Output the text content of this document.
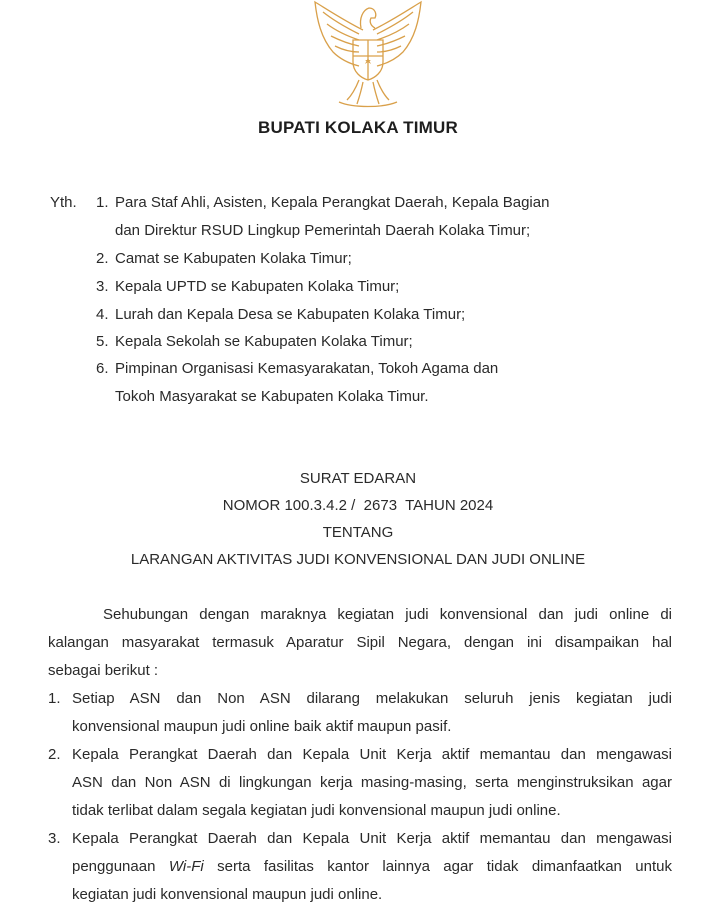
BUPATI KOLAKA TIMUR
Yth. 1. Para Staf Ahli, Asisten, Kepala Perangkat Daerah, Kepala Bagian
dan Direktur RSUD Lingkup Pemerintah Daerah Kolaka Timur;
2. Camat se Kabupaten Kolaka Timur;
3. Kepala UPTD se Kabupaten Kolaka Timur;
4. Lurah dan Kepala Desa se Kabupaten Kolaka Timur;
5. Kepala Sekolah se Kabupaten Kolaka Timur;
6. Pimpinan Organisasi Kemasyarakatan, Tokoh Agama dan
Tokoh Masyarakat se Kabupaten Kolaka Timur.
SURAT EDARAN
NOMOR 100.3.4.2 /  2673  TAHUN 2024
TENTANG
LARANGAN AKTIVITAS JUDI KONVENSIONAL DAN JUDI ONLINE
Sehubungan dengan maraknya kegiatan judi konvensional dan judi online di
kalangan masyarakat termasuk Aparatur Sipil Negara, dengan ini disampaikan hal
sebagai berikut :
1. Setiap ASN dan Non ASN dilarang melakukan seluruh jenis kegiatan judi
konvensional maupun judi online baik aktif maupun pasif.
2. Kepala Perangkat Daerah dan Kepala Unit Kerja aktif memantau dan mengawasi
ASN dan Non ASN di lingkungan kerja masing-masing, serta menginstruksikan agar
tidak terlibat dalam segala kegiatan judi konvensional maupun judi online.
3. Kepala Perangkat Daerah dan Kepala Unit Kerja aktif memantau dan mengawasi
penggunaan Wi-Fi serta fasilitas kantor lainnya agar tidak dimanfaatkan untuk
kegiatan judi konvensional maupun judi online.
